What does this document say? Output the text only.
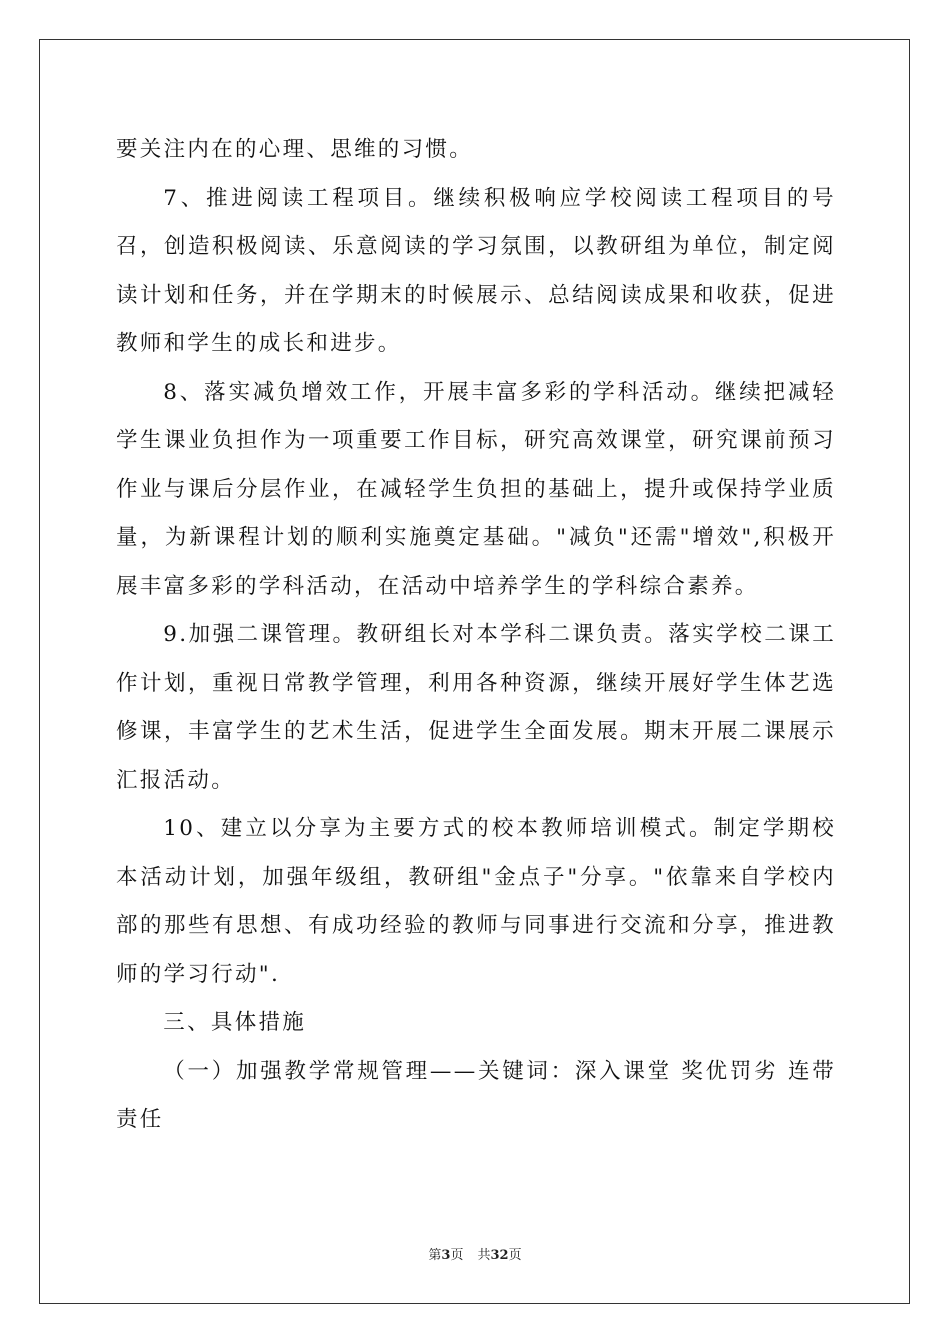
要关注内在的心理、思维的习惯。

7、推进阅读工程项目。继续积极响应学校阅读工程项目的号召，创造积极阅读、乐意阅读的学习氛围，以教研组为单位，制定阅读计划和任务，并在学期末的时候展示、总结阅读成果和收获，促进教师和学生的成长和进步。

8、落实减负增效工作，开展丰富多彩的学科活动。继续把减轻学生课业负担作为一项重要工作目标，研究高效课堂，研究课前预习作业与课后分层作业，在减轻学生负担的基础上，提升或保持学业质量，为新课程计划的顺利实施奠定基础。"减负"还需"增效",积极开展丰富多彩的学科活动，在活动中培养学生的学科综合素养。

9.加强二课管理。教研组长对本学科二课负责。落实学校二课工作计划，重视日常教学管理，利用各种资源，继续开展好学生体艺选修课，丰富学生的艺术生活，促进学生全面发展。期末开展二课展示汇报活动。

10、建立以分享为主要方式的校本教师培训模式。制定学期校本活动计划，加强年级组，教研组"金点子"分享。"依靠来自学校内部的那些有思想、有成功经验的教师与同事进行交流和分享，推进教师的学习行动".

三、具体措施

（一）加强教学常规管理——关键词：深入课堂 奖优罚劣 连带责任

第3页 共32页
